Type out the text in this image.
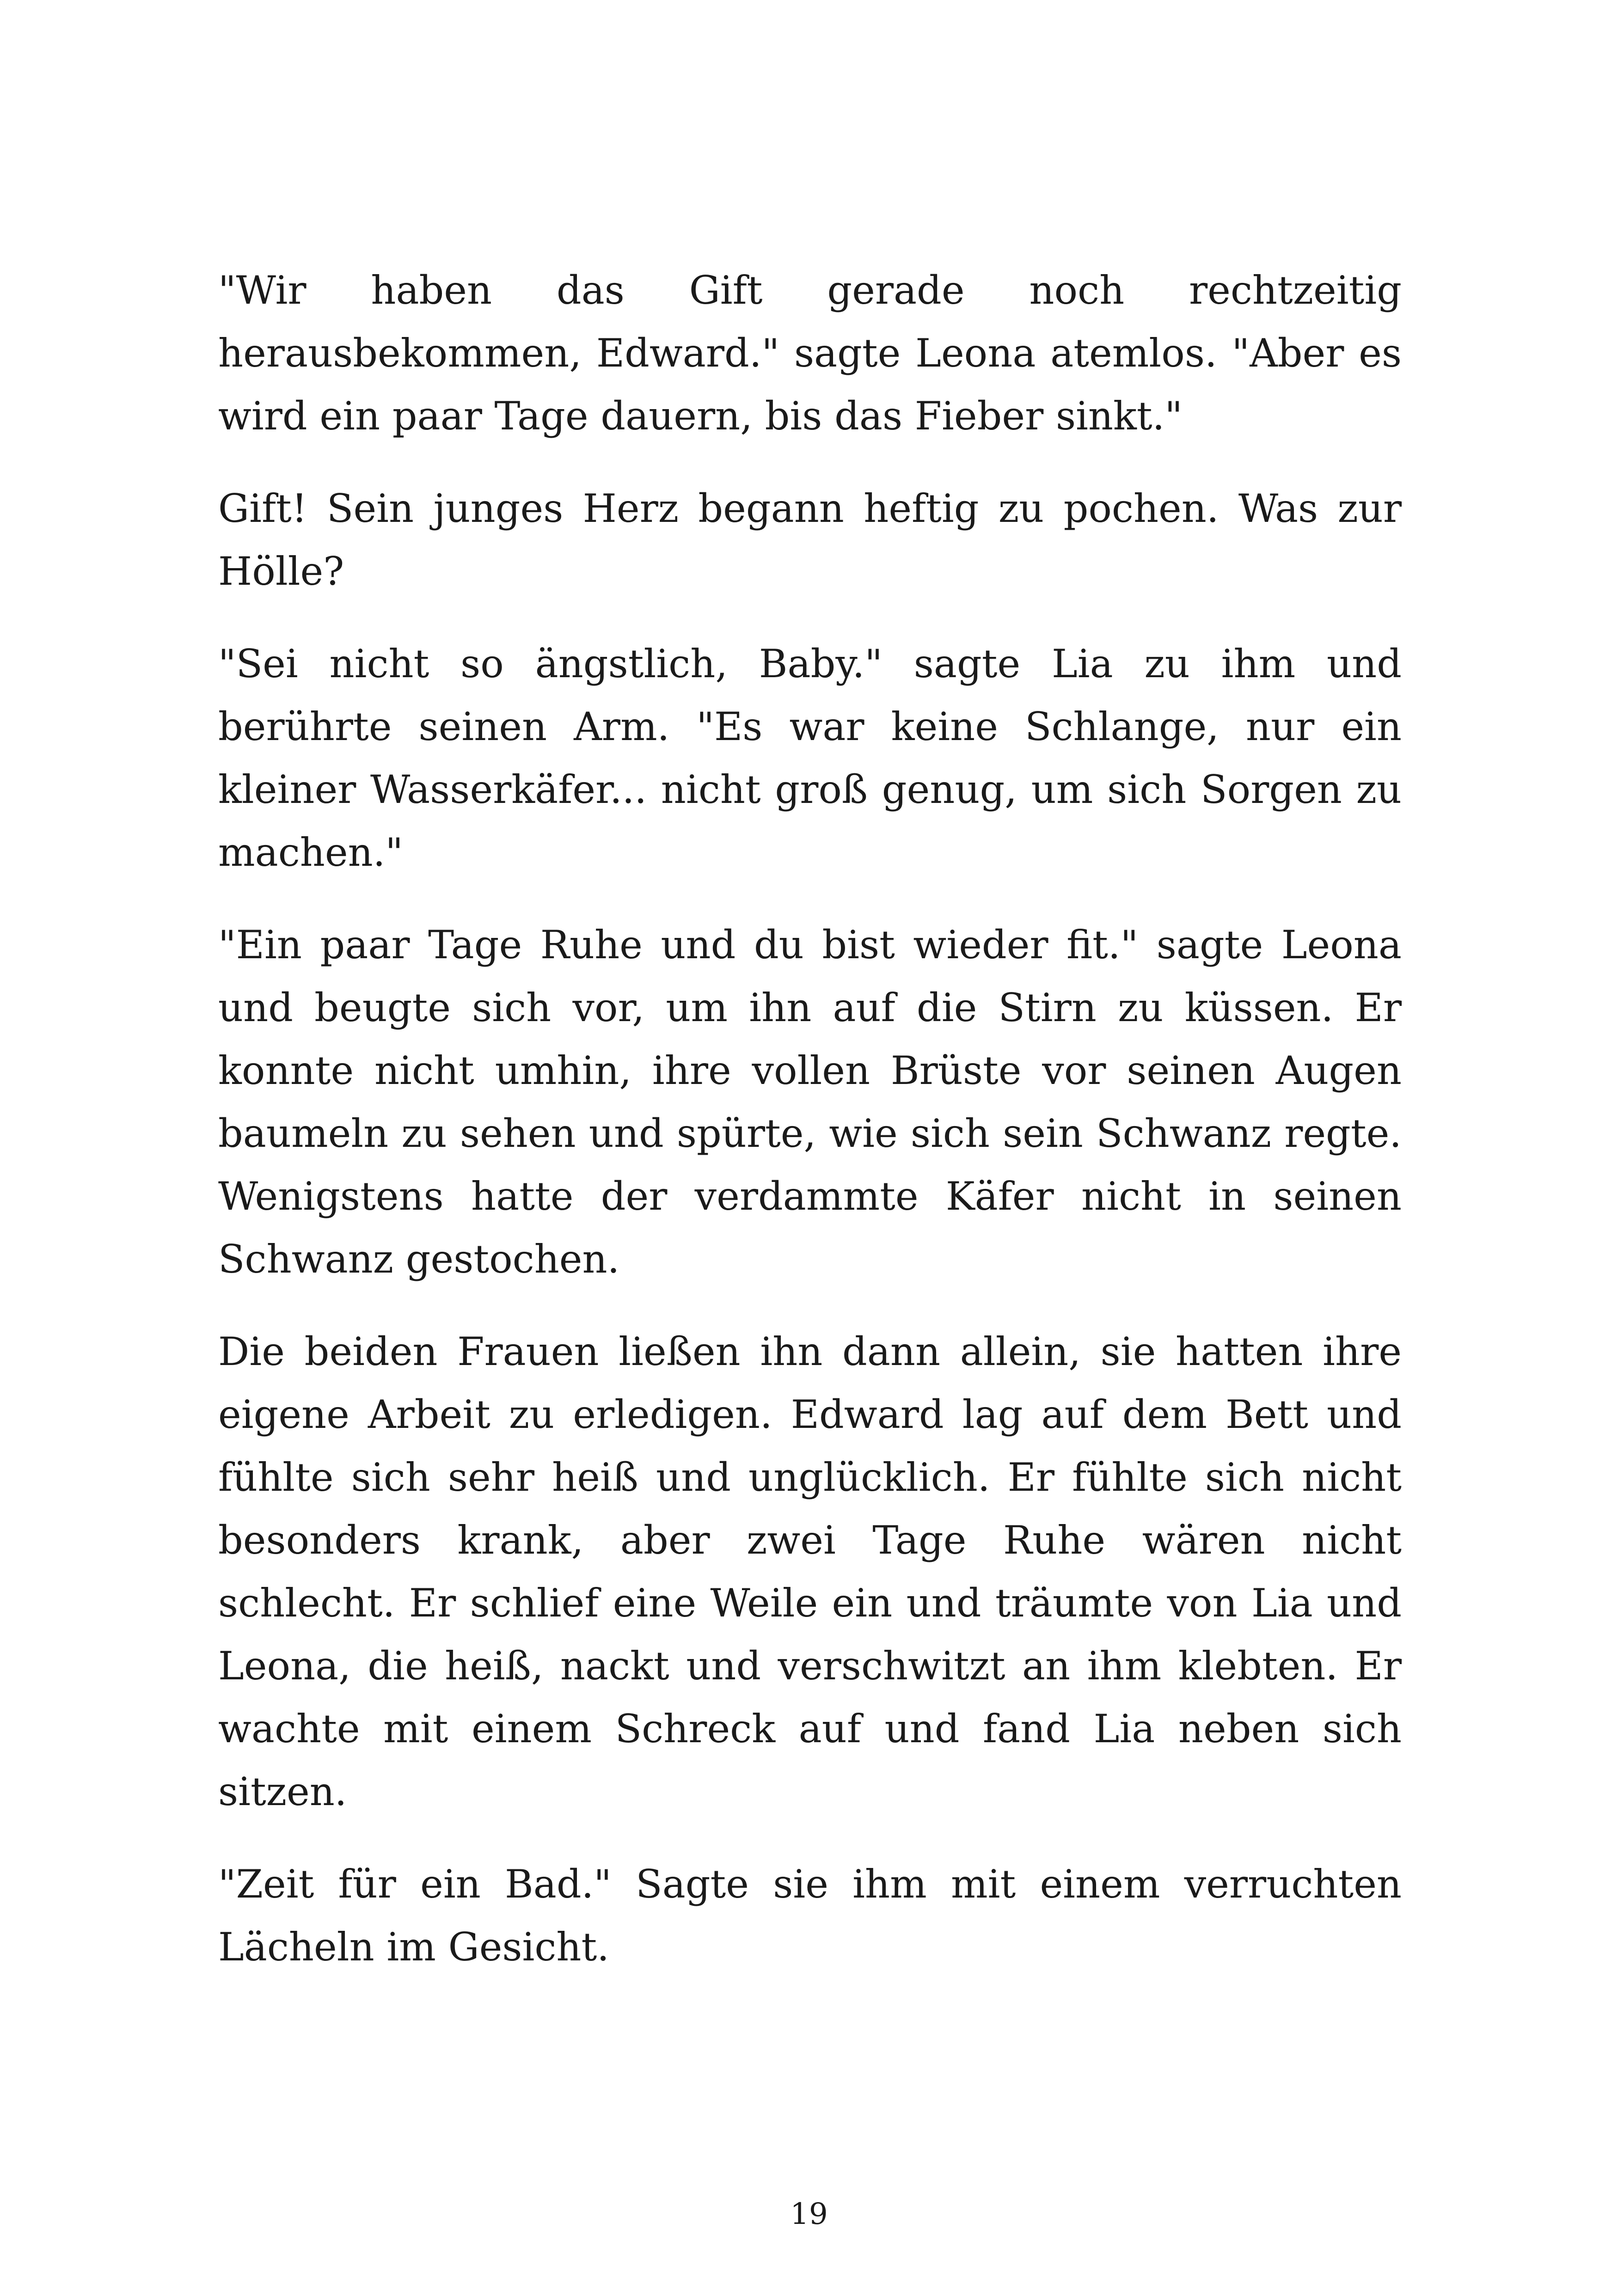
"Wir haben das Gift gerade noch rechtzeitig herausbekommen, Edward." sagte Leona atemlos. "Aber es wird ein paar Tage dauern, bis das Fieber sinkt."

Gift! Sein junges Herz begann heftig zu pochen. Was zur Hölle?

"Sei nicht so ängstlich, Baby." sagte Lia zu ihm und berührte seinen Arm. "Es war keine Schlange, nur ein kleiner Wasserkäfer... nicht groß genug, um sich Sorgen zu machen."

"Ein paar Tage Ruhe und du bist wieder fit." sagte Leona und beugte sich vor, um ihn auf die Stirn zu küssen. Er konnte nicht umhin, ihre vollen Brüste vor seinen Augen baumeln zu sehen und spürte, wie sich sein Schwanz regte. Wenigstens hatte der verdammte Käfer nicht in seinen Schwanz gestochen.

Die beiden Frauen ließen ihn dann allein, sie hatten ihre eigene Arbeit zu erledigen. Edward lag auf dem Bett und fühlte sich sehr heiß und unglücklich. Er fühlte sich nicht besonders krank, aber zwei Tage Ruhe wären nicht schlecht. Er schlief eine Weile ein und träumte von Lia und Leona, die heiß, nackt und verschwitzt an ihm klebten. Er wachte mit einem Schreck auf und fand Lia neben sich sitzen.

"Zeit für ein Bad." Sagte sie ihm mit einem verruchten Lächeln im Gesicht.

19
